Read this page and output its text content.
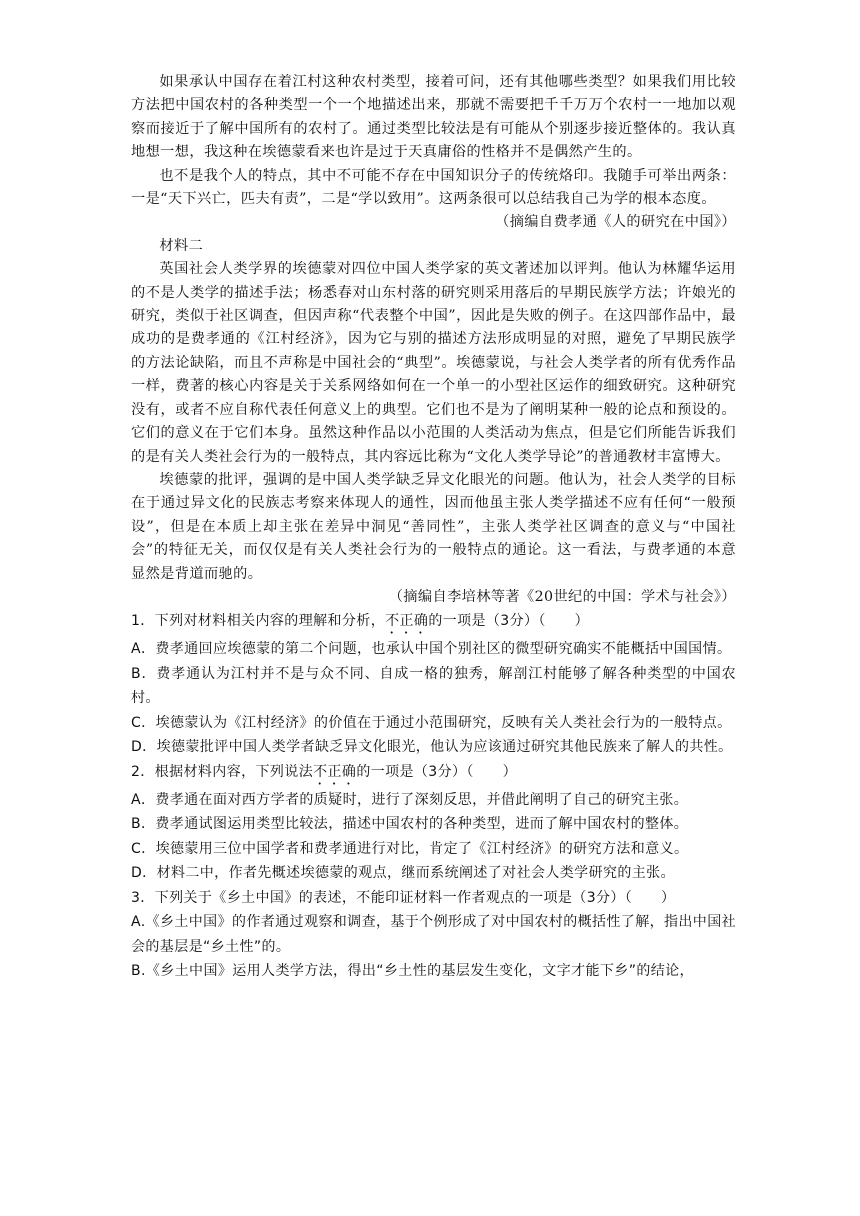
如果承认中国存在着江村这种农村类型，接着可问，还有其他哪些类型？如果我们用比较方法把中国农村的各种类型一个一个地描述出来，那就不需要把千千万万个农村一一地加以观察而接近于了解中国所有的农村了。通过类型比较法是有可能从个别逐步接近整体的。我认真地想一想，我这种在埃德蒙看来也许是过于天真庸俗的性格并不是偶然产生的。

也不是我个人的特点，其中不可能不存在中国知识分子的传统烙印。我随手可举出两条：一是“天下兴亡，匹夫有责”，二是“学以致用”。这两条很可以总结我自己为学的根本态度。

（摘编自费孝通《人的研究在中国》）

材料二

英国社会人类学界的埃德蒙对四位中国人类学家的英文著述加以评判。他认为林耀华运用的不是人类学的描述手法；杨悉春对山东村落的研究则采用落后的早期民族学方法；许娘光的研究，类似于社区调查，但因声称“代表整个中国”，因此是失败的例子。在这四部作品中，最成功的是费孝通的《江村经济》，因为它与别的描述方法形成明显的对照，避免了早期民族学的方法论缺陷，而且不声称是中国社会的“典型”。埃德蒙说，与社会人类学者的所有优秀作品一样，费著的核心内容是关于关系网络如何在一个单一的小型社区运作的细致研究。这种研究没有，或者不应自称代表任何意义上的典型。它们也不是为了阐明某种一般的论点和预设的。它们的意义在于它们本身。虽然这种作品以小范围的人类活动为焦点，但是它们所能告诉我们的是有关人类社会行为的一般特点，其内容远比称为“文化人类学导论”的普通教材丰富博大。

埃德蒙的批评，强调的是中国人类学缺乏异文化眼光的问题。他认为，社会人类学的目标在于通过异文化的民族志考察来体现人的通性，因而他虽主张人类学描述不应有任何“一般预设”，但是在本质上却主张在差异中洞见“善同性”，主张人类学社区调查的意义与“中国社会”的特征无关，而仅仅是有关人类社会行为的一般特点的通论。这一看法，与费孝通的本意显然是背道而驰的。

（摘编自李培林等著《20世纪的中国：学术与社会》）

1．下列对材料相关内容的理解和分析，不正确的一项是（3分）（　　）

A．费孝通回应埃德蒙的第二个问题，也承认中国个别社区的微型研究确实不能概括中国国情。

B．费孝通认为江村并不是与众不同、自成一格的独秀，解剖江村能够了解各种类型的中国农村。

C．埃德蒙认为《江村经济》的价值在于通过小范围研究，反映有关人类社会行为的一般特点。

D．埃德蒙批评中国人类学者缺乏异文化眼光，他认为应该通过研究其他民族来了解人的共性。

2．根据材料内容，下列说法不正确的一项是（3分）（　　）

A．费孝通在面对西方学者的质疑时，进行了深刻反思，并借此阐明了自己的研究主张。

B．费孝通试图运用类型比较法，描述中国农村的各种类型，进而了解中国农村的整体。

C．埃德蒙用三位中国学者和费孝通进行对比，肯定了《江村经济》的研究方法和意义。

D．材料二中，作者先概述埃德蒙的观点，继而系统阐述了对社会人类学研究的主张。

3．下列关于《乡土中国》的表述，不能印证材料一作者观点的一项是（3分）（　　）

A.《乡土中国》的作者通过观察和调查，基于个例形成了对中国农村的概括性了解，指出中国社会的基层是“乡土性”的。

B.《乡土中国》运用人类学方法，得出“乡土性的基层发生变化，文字才能下乡”的结论，
